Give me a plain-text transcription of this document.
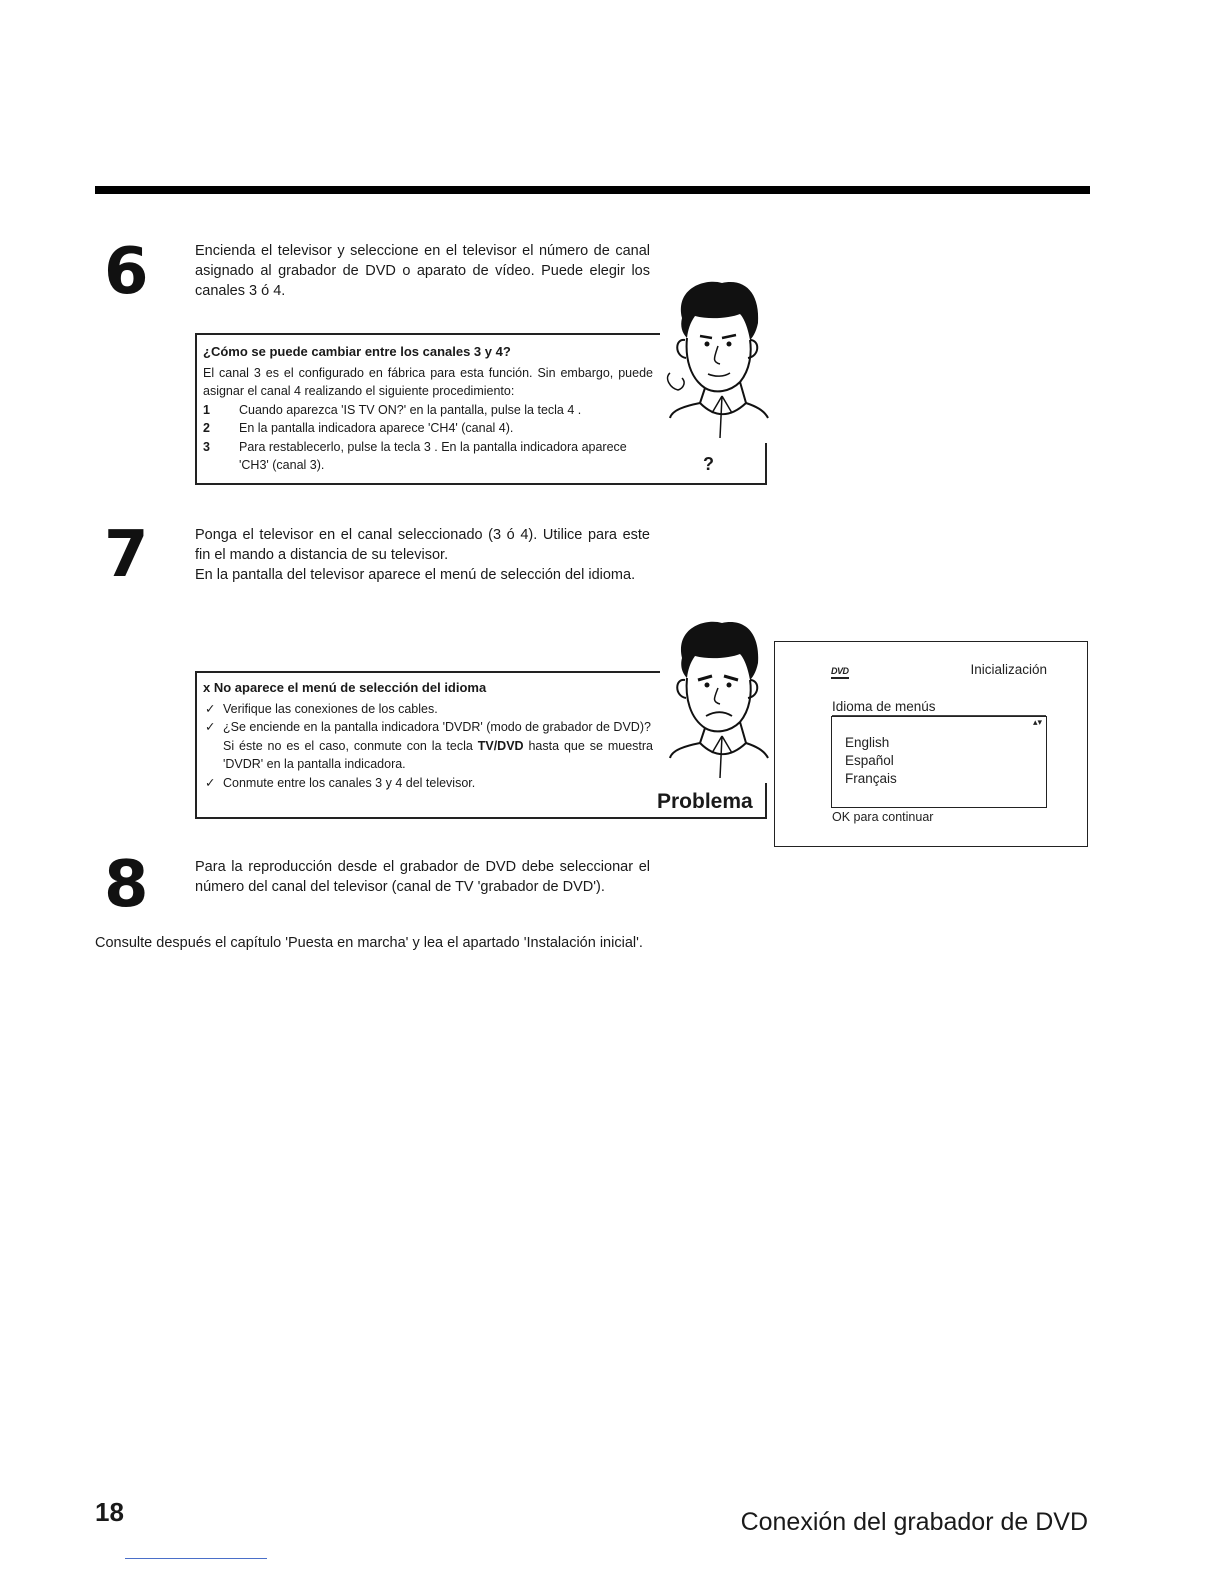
6	Encienda el televisor y seleccione en el televisor el número de canal asignado al grabador de DVD o aparato de vídeo. Puede elegir los canales 3 ó 4.

¿Cómo se puede cambiar entre los canales 3 y 4?
El canal 3 es el configurado en fábrica para esta función. Sin embargo, puede asignar el canal 4 realizando el siguiente procedimiento:
1 Cuando aparezca 'IS TV ON?' en la pantalla, pulse la tecla 4 .
2 En la pantalla indicadora aparece 'CH4' (canal 4).
3 Para restablecerlo, pulse la tecla 3 . En la pantalla indicadora aparece 'CH3' (canal 3).	?
7	Ponga el televisor en el canal seleccionado (3 ó 4). Utilice para este fin el mando a distancia de su televisor.

En la pantalla del televisor aparece el menú de selección del idioma.

x No aparece el menú de selección del idioma
✓ Verifique las conexiones de los cables.
✓ ¿Se enciende en la pantalla indicadora 'DVDR' (modo de grabador de DVD)?
Si éste no es el caso, conmute con la tecla TV/DVD hasta que se muestra 'DVDR' en la pantalla indicadora.
✓ Conmute entre los canales 3 y 4 del televisor.
Problema
DVD	Inicialización
Idioma de menús
▴▾
English
Español
Français
OK para continuar
8	Para la reproducción desde el grabador de DVD debe seleccionar el número del canal del televisor (canal de TV 'grabador de DVD').

Consulte después el capítulo 'Puesta en marcha' y lea el apartado 'Instalación inicial'.
18	Conexión del grabador de DVD
